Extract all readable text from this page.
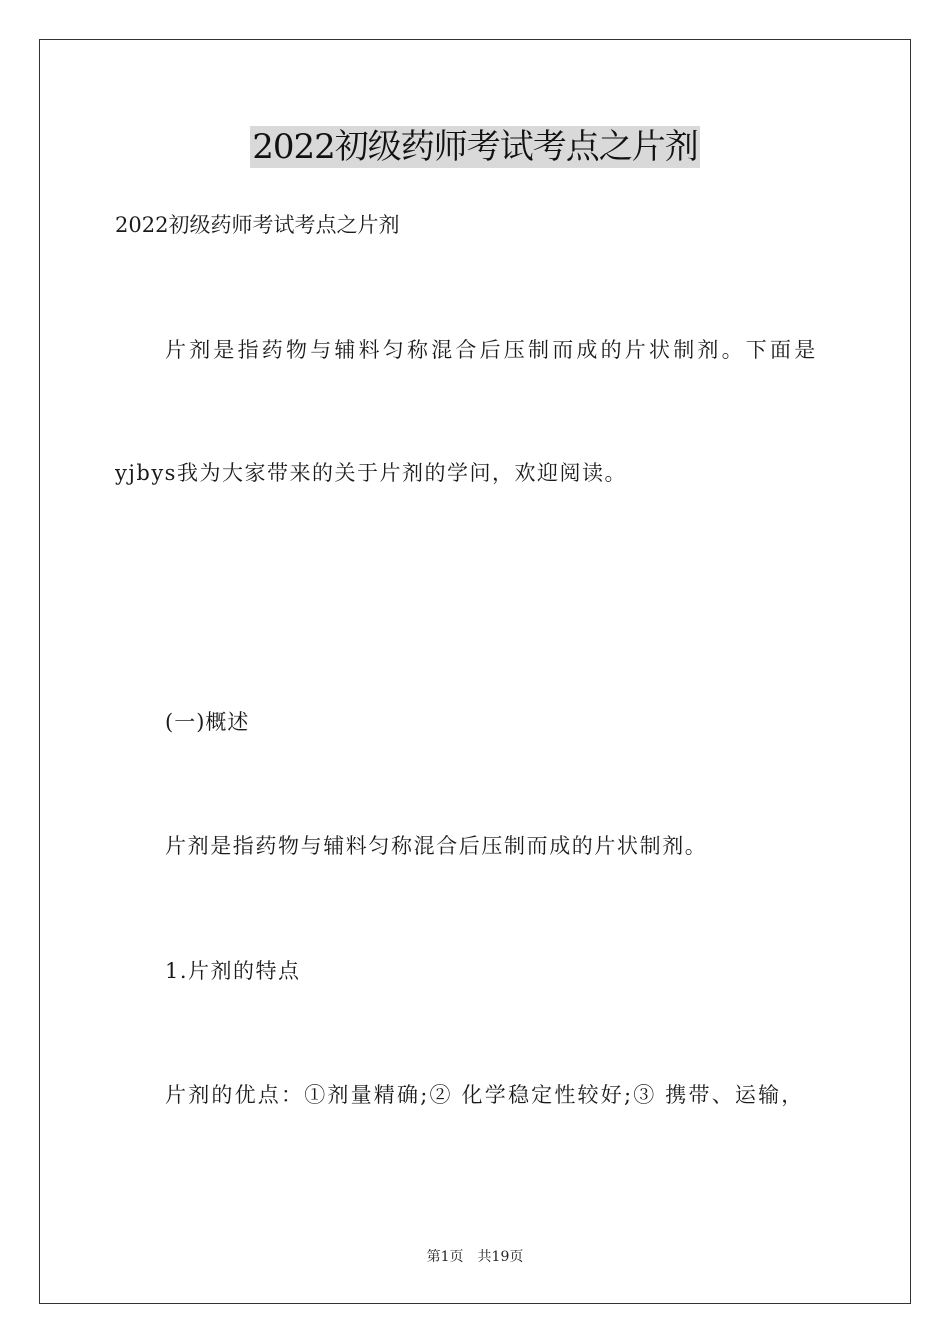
2022初级药师考试考点之片剂
2022初级药师考试考点之片剂
片剂是指药物与辅料匀称混合后压制而成的片状制剂。下面是
yjbys我为大家带来的关于片剂的学问，欢迎阅读。
(一)概述
片剂是指药物与辅料匀称混合后压制而成的片状制剂。
1.片剂的特点
片剂的优点：①剂量精确;② 化学稳定性较好;③ 携带、运输，
第1页 共19页
